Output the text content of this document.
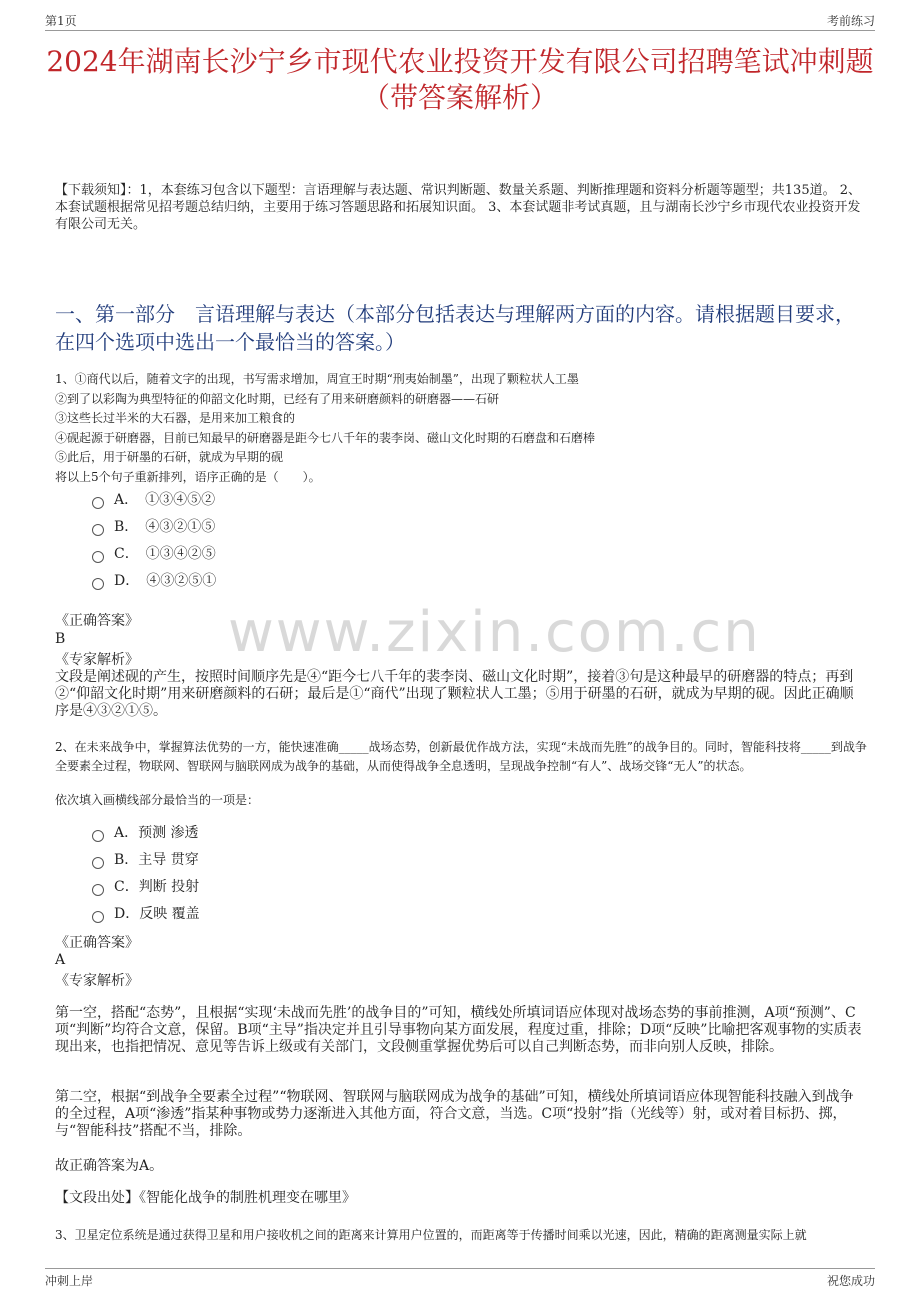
第1页	考前练习
2024年湖南长沙宁乡市现代农业投资开发有限公司招聘笔试冲刺题（带答案解析）
【下载须知】：1，本套练习包含以下题型：言语理解与表达题、常识判断题、数量关系题、判断推理题和资料分析题等题型；共135道。 2、本套试题根据常见招考题总结归纳，主要用于练习答题思路和拓展知识面。 3、本套试题非考试真题，且与湖南长沙宁乡市现代农业投资开发有限公司无关。
一、第一部分　言语理解与表达（本部分包括表达与理解两方面的内容。请根据题目要求，在四个选项中选出一个最恰当的答案。）
1、①商代以后，随着文字的出现，书写需求增加，周宣王时期“刑夷始制墨”，出现了颗粒状人工墨
②到了以彩陶为典型特征的仰韶文化时期，已经有了用来研磨颜料的研磨器——石研
③这些长过半米的大石器，是用来加工粮食的
④砚起源于研磨器，目前已知最早的研磨器是距今七八千年的裴李岗、磁山文化时期的石磨盘和石磨棒
⑤此后，用于研墨的石研，就成为早期的砚
将以上5个句子重新排列，语序正确的是（　　）。
A．　①③④⑤②
B．　④③②①⑤
C．　①③④②⑤
D．　④③②⑤①
《正确答案》
B
《专家解析》
文段是阐述砚的产生，按照时间顺序先是④“距今七八千年的裴李岗、磁山文化时期”，接着③句是这种最早的研磨器的特点；再到②“仰韶文化时期”用来研磨颜料的石研；最后是①“商代”出现了颗粒状人工墨；⑤用于研墨的石研，就成为早期的砚。因此正确顺序是④③②①⑤。
2、在未来战争中，掌握算法优势的一方，能快速准确_____战场态势，创新最优作战方法，实现“未战而先胜”的战争目的。同时，智能科技将_____到战争全要素全过程，物联网、智联网与脑联网成为战争的基础，从而使得战争全息透明，呈现战争控制“有人”、战场交锋“无人”的状态。
依次填入画横线部分最恰当的一项是：
A．预测 渗透
B．主导 贯穿
C．判断 投射
D．反映 覆盖
《正确答案》
A
《专家解析》
第一空，搭配“态势”，且根据“实现‘未战而先胜’的战争目的”可知，横线处所填词语应体现对战场态势的事前推测，A项“预测”、C项“判断”均符合文意，保留。B项“主导”指决定并且引导事物向某方面发展，程度过重，排除；D项“反映”比喻把客观事物的实质表现出来，也指把情况、意见等告诉上级或有关部门，文段侧重掌握优势后可以自己判断态势，而非向别人反映，排除。
第二空，根据“到战争全要素全过程”“物联网、智联网与脑联网成为战争的基础”可知，横线处所填词语应体现智能科技融入到战争的全过程，A项“渗透”指某种事物或势力逐渐进入其他方面，符合文意，当选。C项“投射”指（光线等）射，或对着目标扔、掷，与“智能科技”搭配不当，排除。
故正确答案为A。
【文段出处】《智能化战争的制胜机理变在哪里》
3、卫星定位系统是通过获得卫星和用户接收机之间的距离来计算用户位置的，而距离等于传播时间乘以光速，因此，精确的距离测量实际上就
www.zixin.com.cn
冲刺上岸	祝您成功
